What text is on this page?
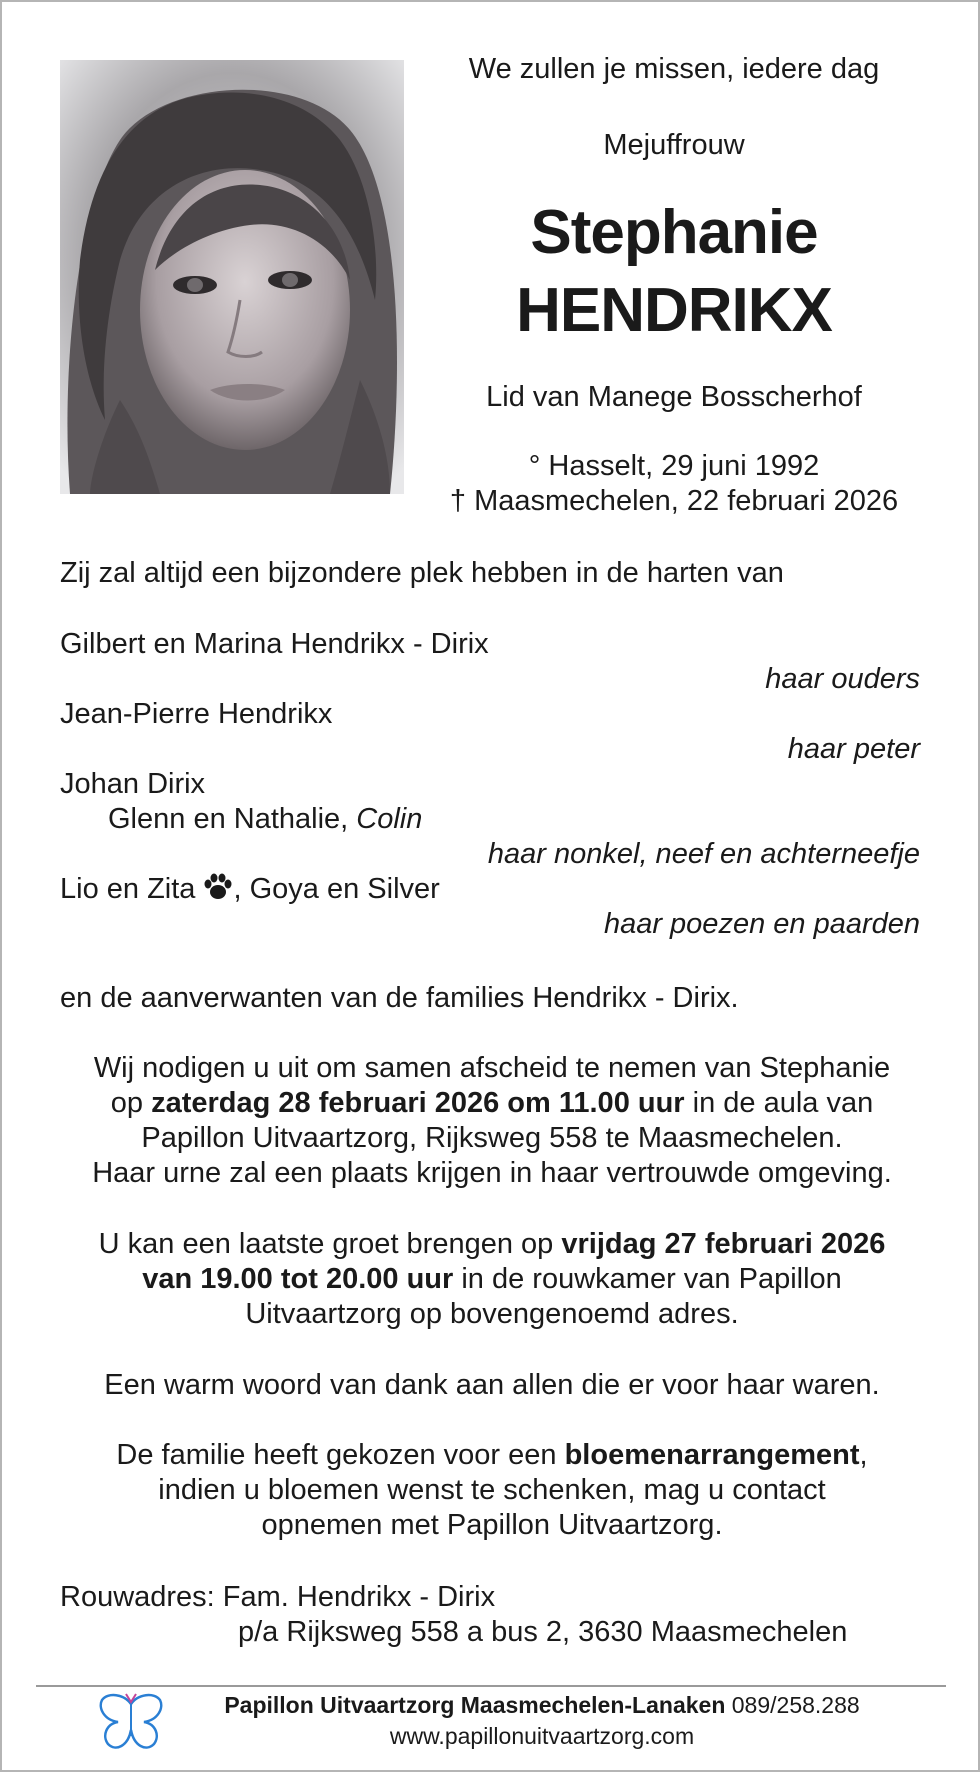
We zullen je missen, iedere dag
Mejuffrouw
Stephanie
HENDRIKX
Lid van Manege Bosscherhof
° Hasselt, 29 juni 1992
† Maasmechelen, 22 februari 2026
Zij zal altijd een bijzondere plek hebben in de harten van
Gilbert en Marina Hendrikx - Dirix
haar ouders
Jean-Pierre Hendrikx
haar peter
Johan Dirix
Glenn en Nathalie, Colin
haar nonkel, neef en achterneefje
Lio en Zita , Goya en Silver
haar poezen en paarden
en de aanverwanten van de families Hendrikx - Dirix.
Wij nodigen u uit om samen afscheid te nemen van Stephanie
op zaterdag 28 februari 2026 om 11.00 uur in de aula van
Papillon Uitvaartzorg, Rijksweg 558 te Maasmechelen.
Haar urne zal een plaats krijgen in haar vertrouwde omgeving.
U kan een laatste groet brengen op vrijdag 27 februari 2026
van 19.00 tot 20.00 uur in de rouwkamer van Papillon
Uitvaartzorg op bovengenoemd adres.
Een warm woord van dank aan allen die er voor haar waren.
De familie heeft gekozen voor een bloemenarrangement,
indien u bloemen wenst te schenken, mag u contact
opnemen met Papillon Uitvaartzorg.
Rouwadres: Fam. Hendrikx - Dirix
p/a Rijksweg 558 a bus 2, 3630 Maasmechelen
Papillon Uitvaartzorg Maasmechelen-Lanaken 089/258.288
www.papillonuitvaartzorg.com
